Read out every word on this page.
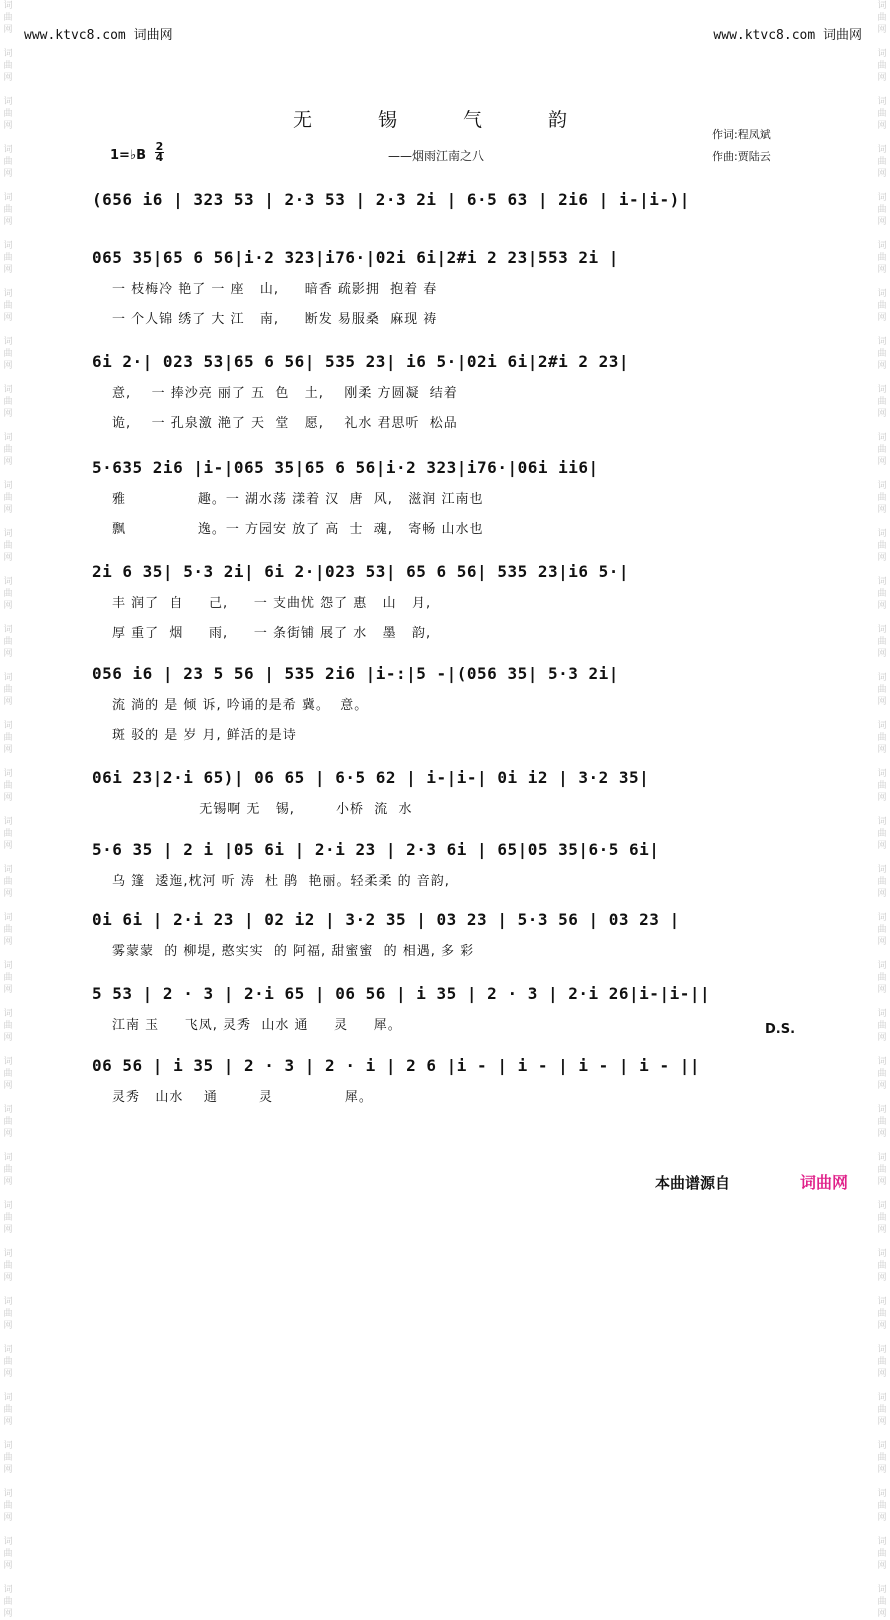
词
曲
网

词
曲
网

词
曲
网

词
曲
网

词
曲
网

词
曲
网

词
曲
网

词
曲
网

词
曲
网

词
曲
网

词
曲
网

词
曲
网

词
曲
网

词
曲
网

词
曲
网

词
曲
网

词
曲
网

词
曲
网

词
曲
网

词
曲
网

词
曲
网

词
曲
网

词
曲
网

词
曲
网

词
曲
网

词
曲
网

词
曲
网

词
曲
网

词
曲
网

词
曲
网

词
曲
网

词
曲
网

词
曲
网

词
曲
网

词
曲
网

词
曲
网

词
曲
网

词
曲
网

词
曲
网

词
曲
网

词
曲
网

词
曲
网

词
曲
网

词
曲
网

词
曲
网

词
曲
网

词
曲
网

词
曲
网

词
曲
网

词
曲
网

词
曲
网

词
曲
网

词
曲
网

词
曲
网

词
曲
网

词
曲
网

词
曲
网

词
曲
网

词
曲
网

词
曲
网

词
曲
网

词
曲
网

词
曲
网

词
曲
网

词
曲
网

词
曲
网

词
曲
网

词
曲
网

www.ktvc8.com 词曲网	www.ktvc8.com 词曲网
无 锡 气 韵
——烟雨江南之八
作词:程凤斌
作曲:贾陆云
1=♭B
2
4
(656 i6 | 323 53 | 2·3 53 | 2·3 2i | 6·5 63 | 2i6 | i-|i-)|
065 35|65 6 56|i·2 323|i76·|02i 6i|2#i 2 23|553 2i |
一 枝梅冷 艳了 一 座   山,     暗香 疏影拥  抱着 春
一 个人锦 绣了 大 江   南,     断发 易服桑  麻现 祷
6i 2·| 023 53|65 6 56| 535 23| i6 5·|02i 6i|2#i 2 23|
意,    一 捧沙亮 丽了 五  色   土,    刚柔 方圆凝  结着
诡,    一 孔泉激 滟了 天  堂   愿,    礼水 君思听  松品
5·635 2i6 |i-|065 35|65 6 56|i·2 323|i76·|06i ii6|
雅              趣。一 湖水荡 漾着 汉  唐  风,   滋润 江南也
飘              逸。一 方园安 放了 高  士  魂,   寄畅 山水也
2i 6 35| 5·3 2i| 6i 2·|023 53| 65 6 56| 535 23|i6 5·|
丰 润了  自     己,     一 支曲忧 怨了 惠   山   月,
厚 重了  烟     雨,     一 条街铺 展了 水   墨   韵,
056 i6 | 23 5 56 | 535 2i6 |i-:|5 -|(056 35| 5·3 2i|
流 淌的 是 倾 诉, 吟诵的是希 冀。  意。
斑 驳的 是 岁 月, 鲜活的是诗
06i 23|2·i 65)| 06 65 | 6·5 62 | i-|i-| 0i i2 | 3·2 35|
无锡啊 无   锡,        小桥  流  水
5·6 35 | 2 i |05 6i | 2·i 23 | 2·3 6i | 65|05 35|6·5 6i|
乌 篷  逶迤,枕河 听 涛  杜 鹃  艳丽。轻柔柔 的 音韵,
0i 6i | 2·i 23 | 02 i2 | 3·2 35 | 03 23 | 5·3 56 | 03 23 |
雾蒙蒙  的 柳堤, 憨实实  的 阿福, 甜蜜蜜  的 相遇, 多 彩
5 53 | 2 · 3 | 2·i 65 | 06 56 | i 35 | 2 · 3 | 2·i 26|i-|i-||
江南 玉     飞凤, 灵秀  山水 通     灵     犀。
06 56 | i 35 | 2 · 3 | 2 · i | 2 6 |i - | i - | i - | i - ||
灵秀   山水    通        灵              犀。
D.S.
本曲谱源自	词曲网
